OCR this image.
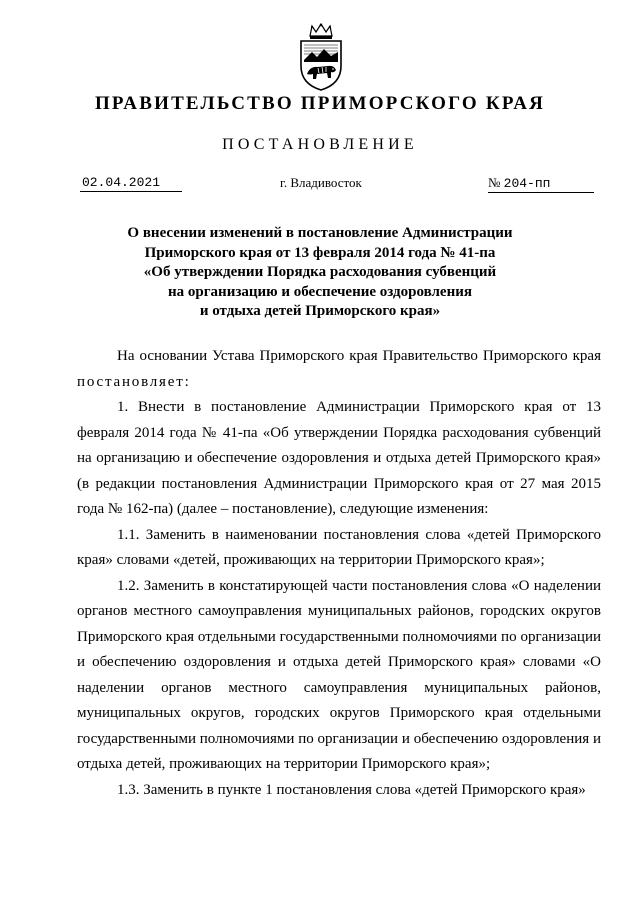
ПРАВИТЕЛЬСТВО ПРИМОРСКОГО КРАЯ
ПОСТАНОВЛЕНИЕ
02.04.2021	г. Владивосток	№ 204-пп
О внесении изменений в постановление Администрации
Приморского края от 13 февраля 2014 года № 41-па
«Об утверждении Порядка расходования субвенций
на организацию и обеспечение оздоровления
и отдыха детей Приморского края»

На основании Устава Приморского края Правительство Приморского края постановляет:

1. Внести в постановление Администрации Приморского края от 13 февраля 2014 года № 41-па «Об утверждении Порядка расходования субвенций на организацию и обеспечение оздоровления и отдыха детей Приморского края» (в редакции постановления Администрации Приморского края от 27 мая 2015 года № 162-па) (далее – постановление), следующие изменения:

1.1. Заменить в наименовании постановления слова «детей Приморского края» словами «детей, проживающих на территории Приморского края»;

1.2. Заменить в констатирующей части постановления слова «О наделении органов местного самоуправления муниципальных районов, городских округов Приморского края отдельными государственными полномочиями по организации и обеспечению оздоровления и отдыха детей Приморского края» словами «О наделении органов местного самоуправления муниципальных районов, муниципальных округов, городских округов Приморского края отдельными государственными полномочиями по организации и обеспечению оздоровления и отдыха детей, проживающих на территории Приморского края»;

1.3. Заменить в пункте 1 постановления слова «детей Приморского края»
